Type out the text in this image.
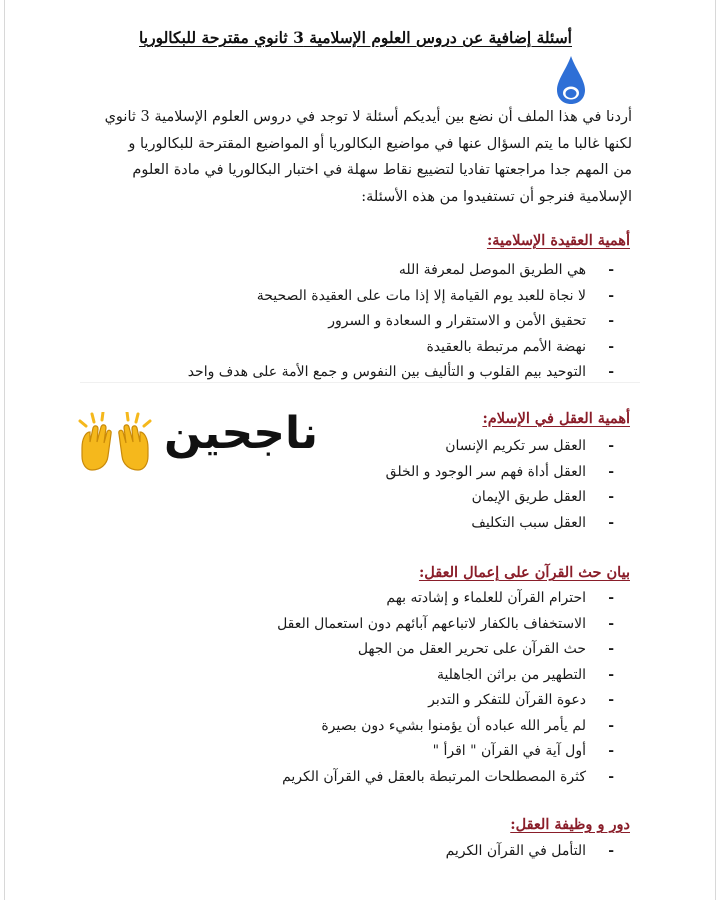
أسئلة إضافية عن دروس العلوم الإسلامية 3 ثانوي مقترحة للبكالوريا
أردنا في هذا الملف أن نضع بين أيديكم أسئلة لا توجد في دروس العلوم الإسلامية 3 ثانوي
لكنها غالبا ما يتم السؤال عنها في مواضيع البكالوريا أو المواضيع المقترحة للبكالوريا و
من المهم جدا مراجعتها تفاديا لتضييع نقاط سهلة في اختبار البكالوريا في مادة العلوم
الإسلامية فنرجو أن تستفيدوا من هذه الأسئلة:
أهمية العقيدة الإسلامية:
- هي الطريق الموصل لمعرفة الله
- لا نجاة للعبد يوم القيامة إلا إذا مات على العقيدة الصحيحة
- تحقيق الأمن و الاستقرار و السعادة و السرور
- نهضة الأمم مرتبطة بالعقيدة
- التوحيد بيم القلوب و التأليف بين النفوس و جمع الأمة على هدف واحد
أهمية العقل في الإسلام:
- العقل سر تكريم الإنسان
- العقل أداة فهم سر الوجود و الخلق
- العقل طريق الإيمان
- العقل سبب التكليف
ناجحين
بيان حث القرآن على إعمال العقل:
- احترام القرآن للعلماء و إشادته بهم
- الاستخفاف بالكفار لاتباعهم آبائهم دون استعمال العقل
- حث القرآن على تحرير العقل من الجهل
- التطهير من براثن الجاهلية
- دعوة القرآن للتفكر و التدبر
- لم يأمر الله عباده أن يؤمنوا بشيء دون بصيرة
- أول آية في القرآن " اقرأ "
- كثرة المصطلحات المرتبطة بالعقل في القرآن الكريم
دور و وظيفة العقل:
- التأمل في القرآن الكريم
